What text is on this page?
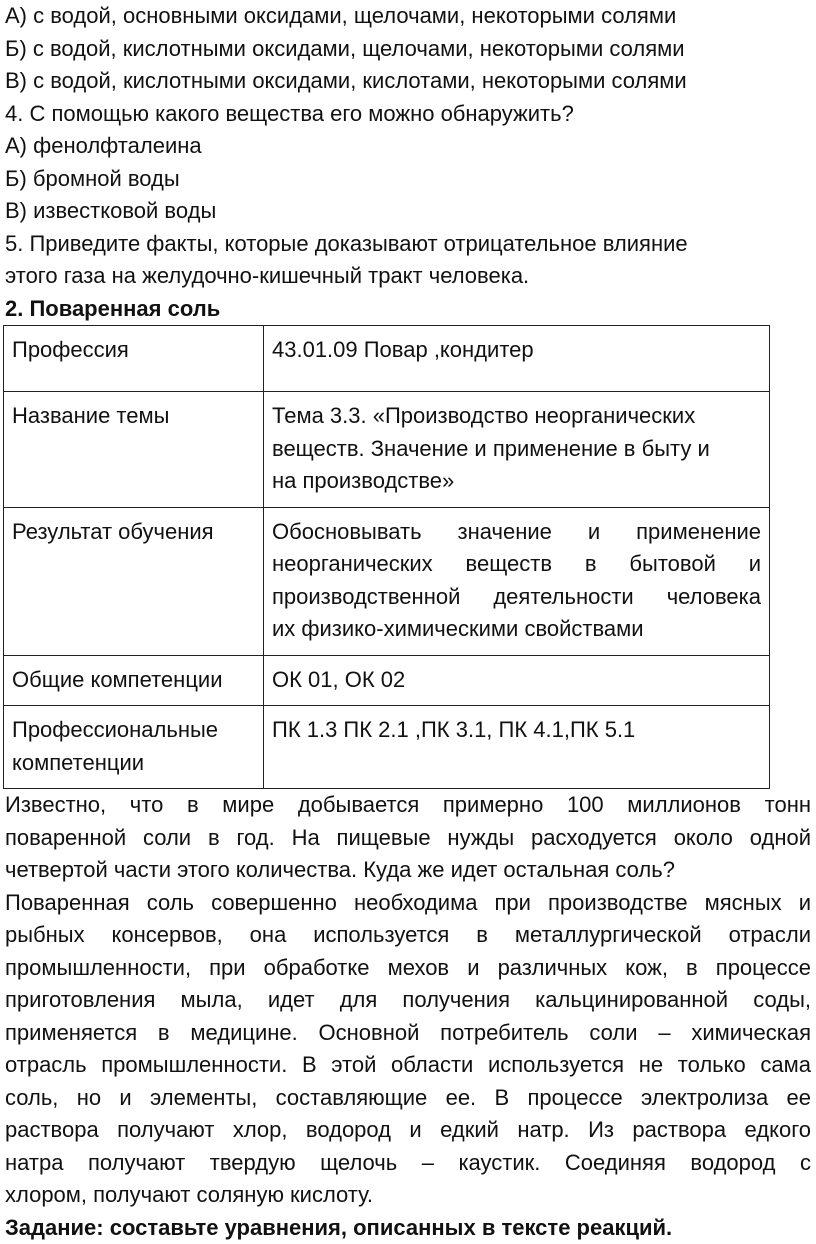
А) с водой, основными оксидами, щелочами, некоторыми солями
Б) с водой, кислотными оксидами, щелочами, некоторыми солями
В) с водой, кислотными оксидами, кислотами, некоторыми солями
4. С помощью какого вещества его можно обнаружить?
А) фенолфталеина
Б) бромной воды
В) известковой воды
5. Приведите факты, которые доказывают отрицательное влияние
этого газа на желудочно-кишечный тракт человека.
2. Поваренная соль
Профессия	43.01.09 Повар ,кондитер
Название темы	Тема 3.3. «Производство неорганических
веществ. Значение и применение в быту и
на производстве»

Результат обучения	Обосновывать значение и применение
неорганических веществ в бытовой и
производственной деятельности человека
их физико-химическими свойствами

Общие компетенции	ОК 01, ОК 02

Профессиональные
компетенции	ПК 1.3 ПК 2.1 ,ПК 3.1, ПК 4.1,ПК 5.1
Известно, что в мире добывается примерно 100 миллионов тонн
поваренной соли в год. На пищевые нужды расходуется около одной
четвертой части этого количества. Куда же идет остальная соль?
Поваренная соль совершенно необходима при производстве мясных и
рыбных консервов, она используется в металлургической отрасли
промышленности, при обработке мехов и различных кож, в процессе
приготовления мыла, идет для получения кальцинированной соды,
применяется в медицине. Основной потребитель соли – химическая
отрасль промышленности. В этой области используется не только сама
соль, но и элементы, составляющие ее. В процессе электролиза ее
раствора получают хлор, водород и едкий натр. Из раствора едкого
натра получают твердую щелочь – каустик. Соединяя водород с
хлором, получают соляную кислоту.
Задание: составьте уравнения, описанных в тексте реакций.
